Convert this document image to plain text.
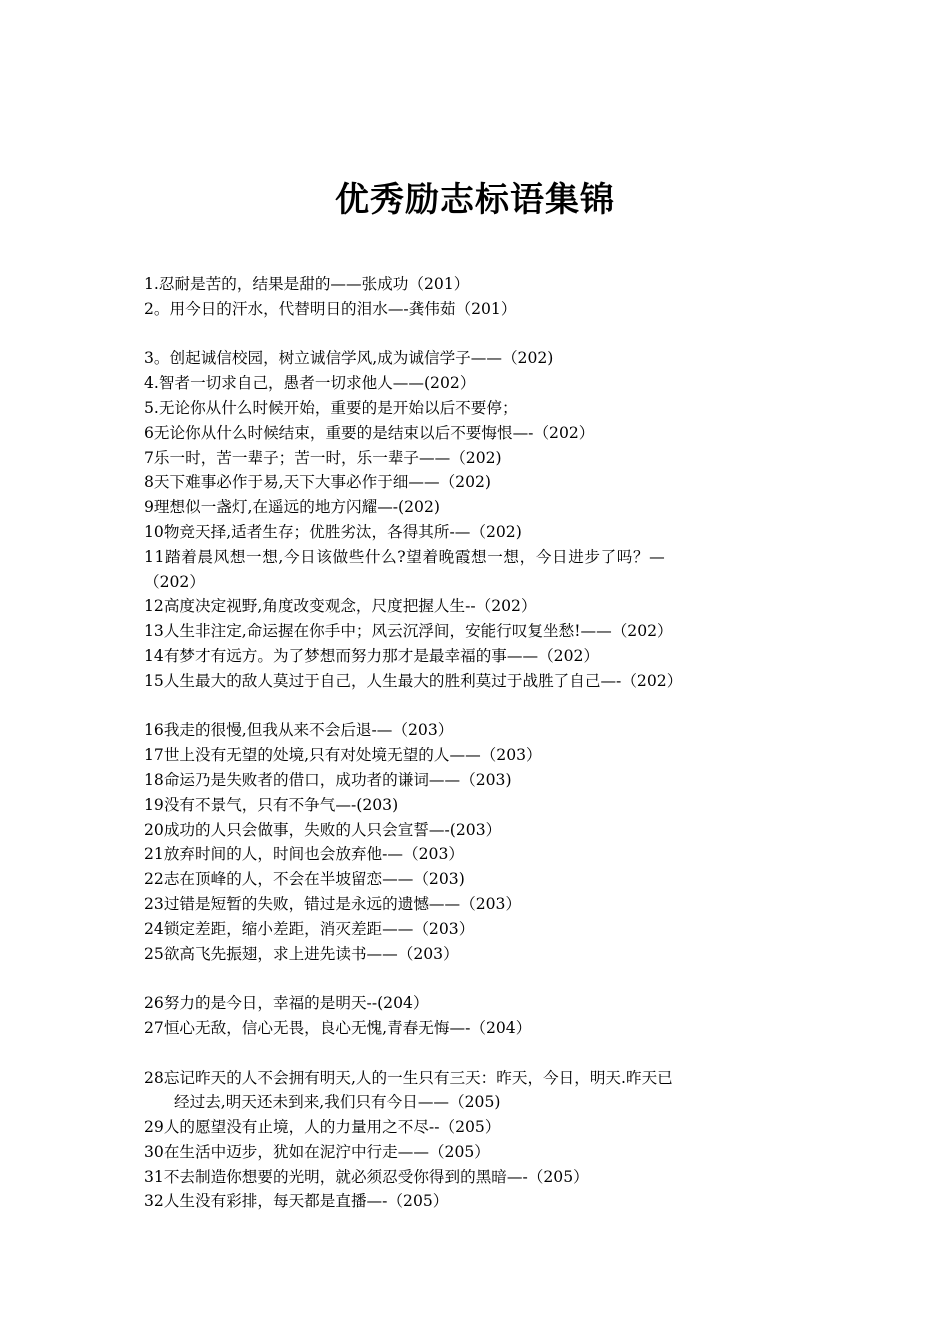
优秀励志标语集锦
1.忍耐是苦的，结果是甜的——张成功（201）
2。用今日的汗水，代替明日的泪水—-龚伟茹（201）
3。创起诚信校园，树立诚信学风,成为诚信学子——（202)
4.智者一切求自己，愚者一切求他人——(202）
5.无论你从什么时候开始，重要的是开始以后不要停；
6无论你从什么时候结束，重要的是结束以后不要悔恨—-（202）
7乐一时，苦一辈子；苦一时，乐一辈子——（202)
8天下难事必作于易,天下大事必作于细——（202)
9理想似一盏灯,在遥远的地方闪耀—-(202)
10物竞天择,适者生存；优胜劣汰，各得其所-—（202)
11踏着晨风想一想,今日该做些什么?望着晚霞想一想，今日进步了吗？—
（202）
12高度决定视野,角度改变观念，尺度把握人生--（202）
13人生非注定,命运握在你手中；风云沉浮间，安能行叹复坐愁!——（202）
14有梦才有远方。为了梦想而努力那才是最幸福的事——（202）
15人生最大的敌人莫过于自己，人生最大的胜利莫过于战胜了自己—-（202）
16我走的很慢,但我从来不会后退-—（203）
17世上没有无望的处境,只有对处境无望的人——（203）
18命运乃是失败者的借口，成功者的谦词——（203)
19没有不景气，只有不争气—-(203)
20成功的人只会做事，失败的人只会宣誓—-(203）
21放弃时间的人，时间也会放弃他-—（203）
22志在顶峰的人，不会在半坡留恋——（203)
23过错是短暂的失败，错过是永远的遗憾——（203）
24锁定差距，缩小差距，消灭差距——（203）
25欲高飞先振翅，求上进先读书——（203）
26努力的是今日，幸福的是明天--(204）
27恒心无敌，信心无畏，良心无愧,青春无悔—-（204）
28忘记昨天的人不会拥有明天,人的一生只有三天：昨天，今日，明天.昨天已
经过去,明天还未到来,我们只有今日——（205)
29人的愿望没有止境，人的力量用之不尽--（205）
30在生活中迈步，犹如在泥泞中行走——（205）
31不去制造你想要的光明，就必须忍受你得到的黑暗—-（205）
32人生没有彩排，每天都是直播—-（205）
